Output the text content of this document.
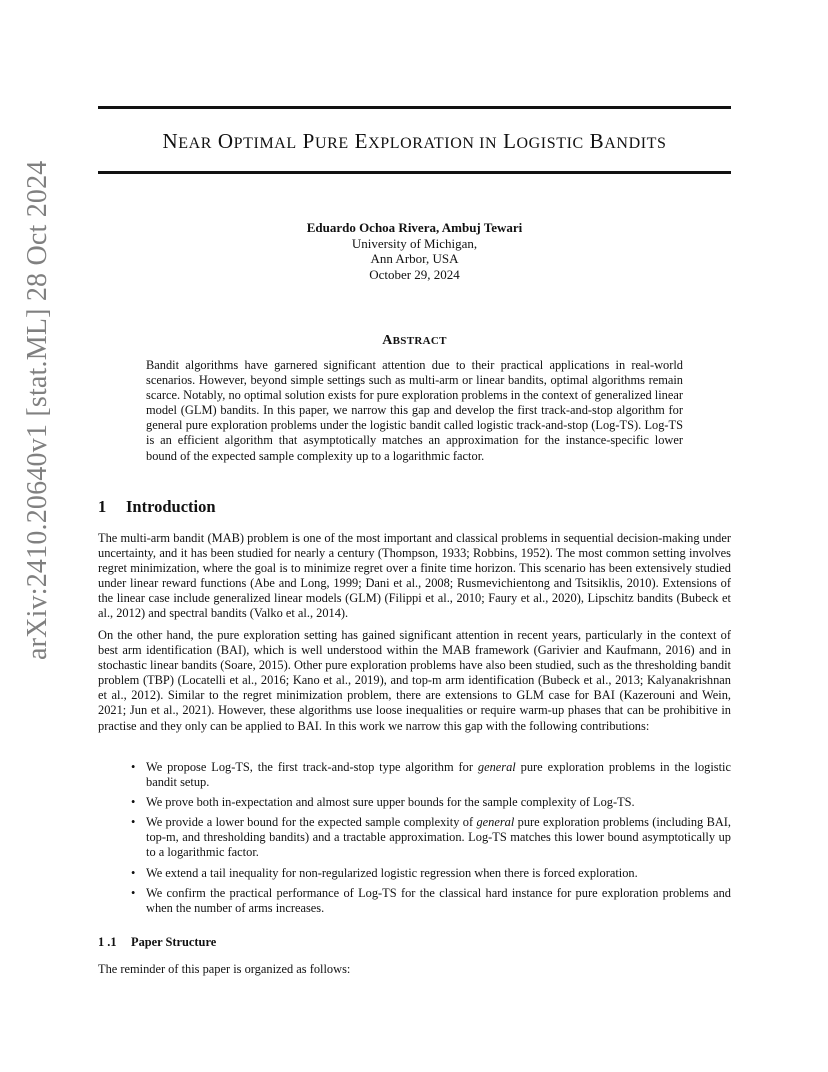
NEAR OPTIMAL PURE EXPLORATION IN LOGISTIC BANDITS
arXiv:2410.20640v1 [stat.ML] 28 Oct 2024	Eduardo Ochoa Rivera, Ambuj Tewari
University of Michigan,
Ann Arbor, USA
October 29, 2024
ABSTRACT
Bandit algorithms have garnered significant attention due to their practical applications in real-world scenarios. However, beyond simple settings such as multi-arm or linear bandits, optimal algorithms remain scarce. Notably, no optimal solution exists for pure exploration problems in the context of generalized linear model (GLM) bandits. In this paper, we narrow this gap and develop the first track-and-stop algorithm for general pure exploration problems under the logistic bandit called logistic track-and-stop (Log-TS). Log-TS is an efficient algorithm that asymptotically matches an approximation for the instance-specific lower bound of the expected sample complexity up to a logarithmic factor.
1 Introduction
The multi-arm bandit (MAB) problem is one of the most important and classical problems in sequential decision-making under uncertainty, and it has been studied for nearly a century (Thompson, 1933; Robbins, 1952). The most common setting involves regret minimization, where the goal is to minimize regret over a finite time horizon. This scenario has been extensively studied under linear reward functions (Abe and Long, 1999; Dani et al., 2008; Rusmevichientong and Tsitsiklis, 2010). Extensions of the linear case include generalized linear models (GLM) (Filippi et al., 2010; Faury et al., 2020), Lipschitz bandits (Bubeck et al., 2012) and spectral bandits (Valko et al., 2014).
On the other hand, the pure exploration setting has gained significant attention in recent years, particularly in the context of best arm identification (BAI), which is well understood within the MAB framework (Garivier and Kaufmann, 2016) and in stochastic linear bandits (Soare, 2015). Other pure exploration problems have also been studied, such as the thresholding bandit problem (TBP) (Locatelli et al., 2016; Kano et al., 2019), and top-m arm identification (Bubeck et al., 2013; Kalyanakrishnan et al., 2012). Similar to the regret minimization problem, there are extensions to GLM case for BAI (Kazerouni and Wein, 2021; Jun et al., 2021). However, these algorithms use loose inequalities or require warm-up phases that can be prohibitive in practise and they only can be applied to BAI. In this work we narrow this gap with the following contributions:
• We propose Log-TS, the first track-and-stop type algorithm for general pure exploration problems in the logistic bandit setup.
• We prove both in-expectation and almost sure upper bounds for the sample complexity of Log-TS.
• We provide a lower bound for the expected sample complexity of general pure exploration problems (including BAI, top-m, and thresholding bandits) and a tractable approximation. Log-TS matches this lower bound asymptotically up to a logarithmic factor.
• We extend a tail inequality for non-regularized logistic regression when there is forced exploration.
• We confirm the practical performance of Log-TS for the classical hard instance for pure exploration problems and when the number of arms increases.
1 .1 Paper Structure
The reminder of this paper is organized as follows:
